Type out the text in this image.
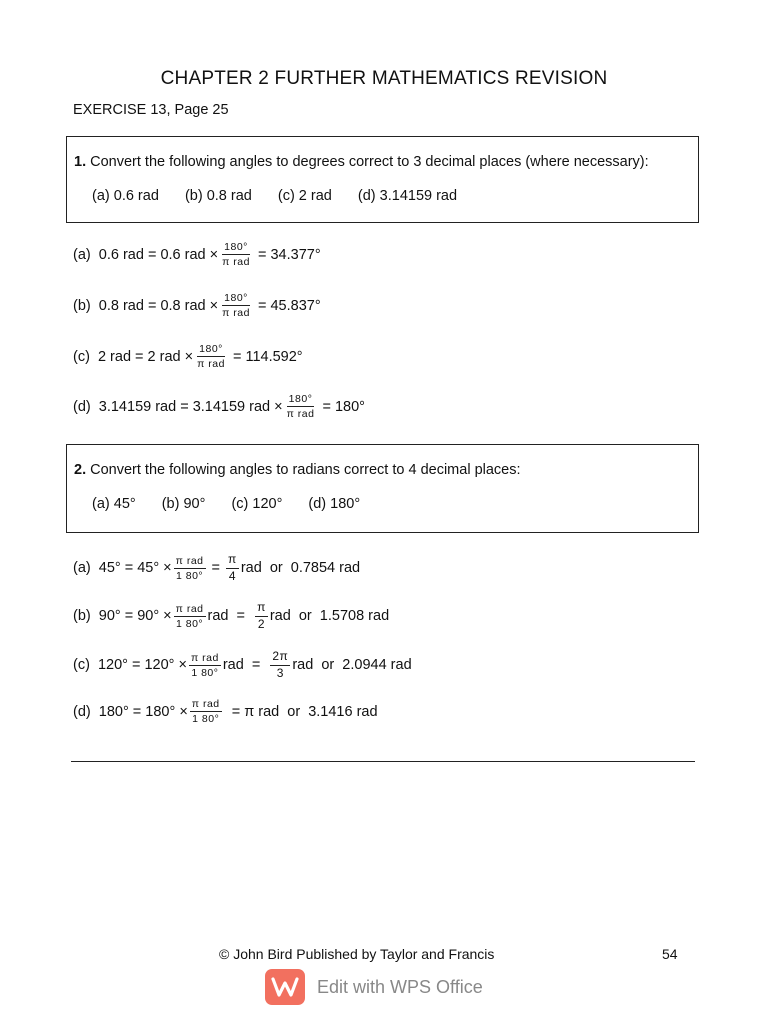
CHAPTER 2 FURTHER MATHEMATICS REVISION
EXERCISE 13, Page 25
1. Convert the following angles to degrees correct to 3 decimal places (where necessary):
(a) 0.6 rad (b) 0.8 rad (c) 2 rad (d) 3.14159 rad
(a)  0.6 rad = 0.6 rad × $\frac{180^\circ}{\text{π rad}} = 34.377^\circ$
(b)  0.8 rad = 0.8 rad × $\frac{180^\circ}{\text{π rad}} = 45.837^\circ$
(c)  2 rad = 2 rad × $\frac{180^\circ}{\text{π rad}} = 114.592^\circ$
(d)  3.14159 rad = 3.14159 rad × $\frac{180^\circ}{\text{π rad}} = 180^\circ$
2. Convert the following angles to radians correct to 4 decimal places:
(a) 45° (b) 90° (c) 120° (d) 180°
(a)  $45^\circ = 45^\circ \times \frac{\text{π rad}}{1 80^\circ} = \frac{\pi}{4}$ rad  or  0.7854 rad
(b)  $90^\circ = 90^\circ \times \frac{\text{π rad}}{1 80^\circ}$ rad = $\frac{\pi}{2}$ rad  or  1.5708 rad
(c)  $120^\circ = 120^\circ \times \frac{\text{π rad}}{1 80^\circ}$ rad = $\frac{2\pi}{3}$ rad  or  2.0944 rad
(d)  $180^\circ = 180^\circ \times \frac{\text{π rad}}{1 80^\circ} = \pi$ rad  or  3.1416 rad
© John Bird Published by Taylor and Francis	54
Edit with WPS Office
